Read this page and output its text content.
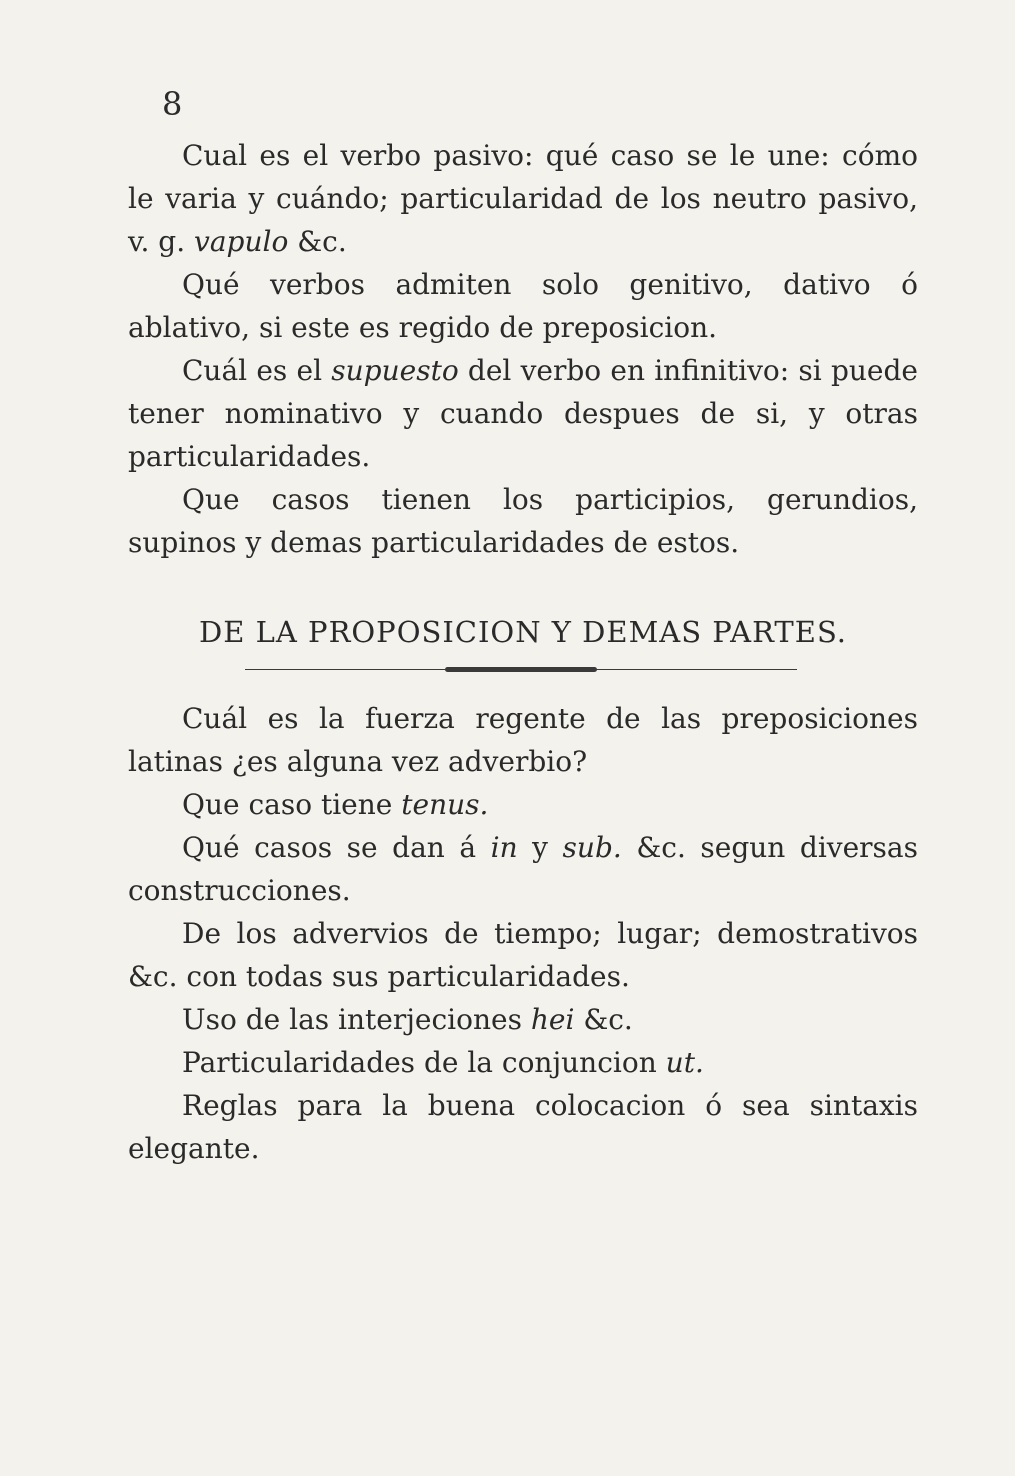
8

Cual es el verbo pasivo: qué caso se le une: cómo le varia y cuándo; particularidad de los neutro pasivo, v. g. vapulo &c.

Qué verbos admiten solo genitivo, dativo ó ablativo, si este es regido de preposicion.

Cuál es el supuesto del verbo en infinitivo: si puede tener nominativo y cuando despues de si, y otras particularidades.

Que casos tienen los participios, gerundios, supinos y demas particularidades de estos.

DE LA PROPOSICION Y DEMAS PARTES.

Cuál es la fuerza regente de las preposiciones latinas ¿es alguna vez adverbio?

Que caso tiene tenus.

Qué casos se dan á in y sub. &c. segun diversas construcciones.

De los advervios de tiempo; lugar; demostrativos &c. con todas sus particularidades.

Uso de las interjeciones hei &c.

Particularidades de la conjuncion ut.

Reglas para la buena colocacion ó sea sintaxis elegante.
